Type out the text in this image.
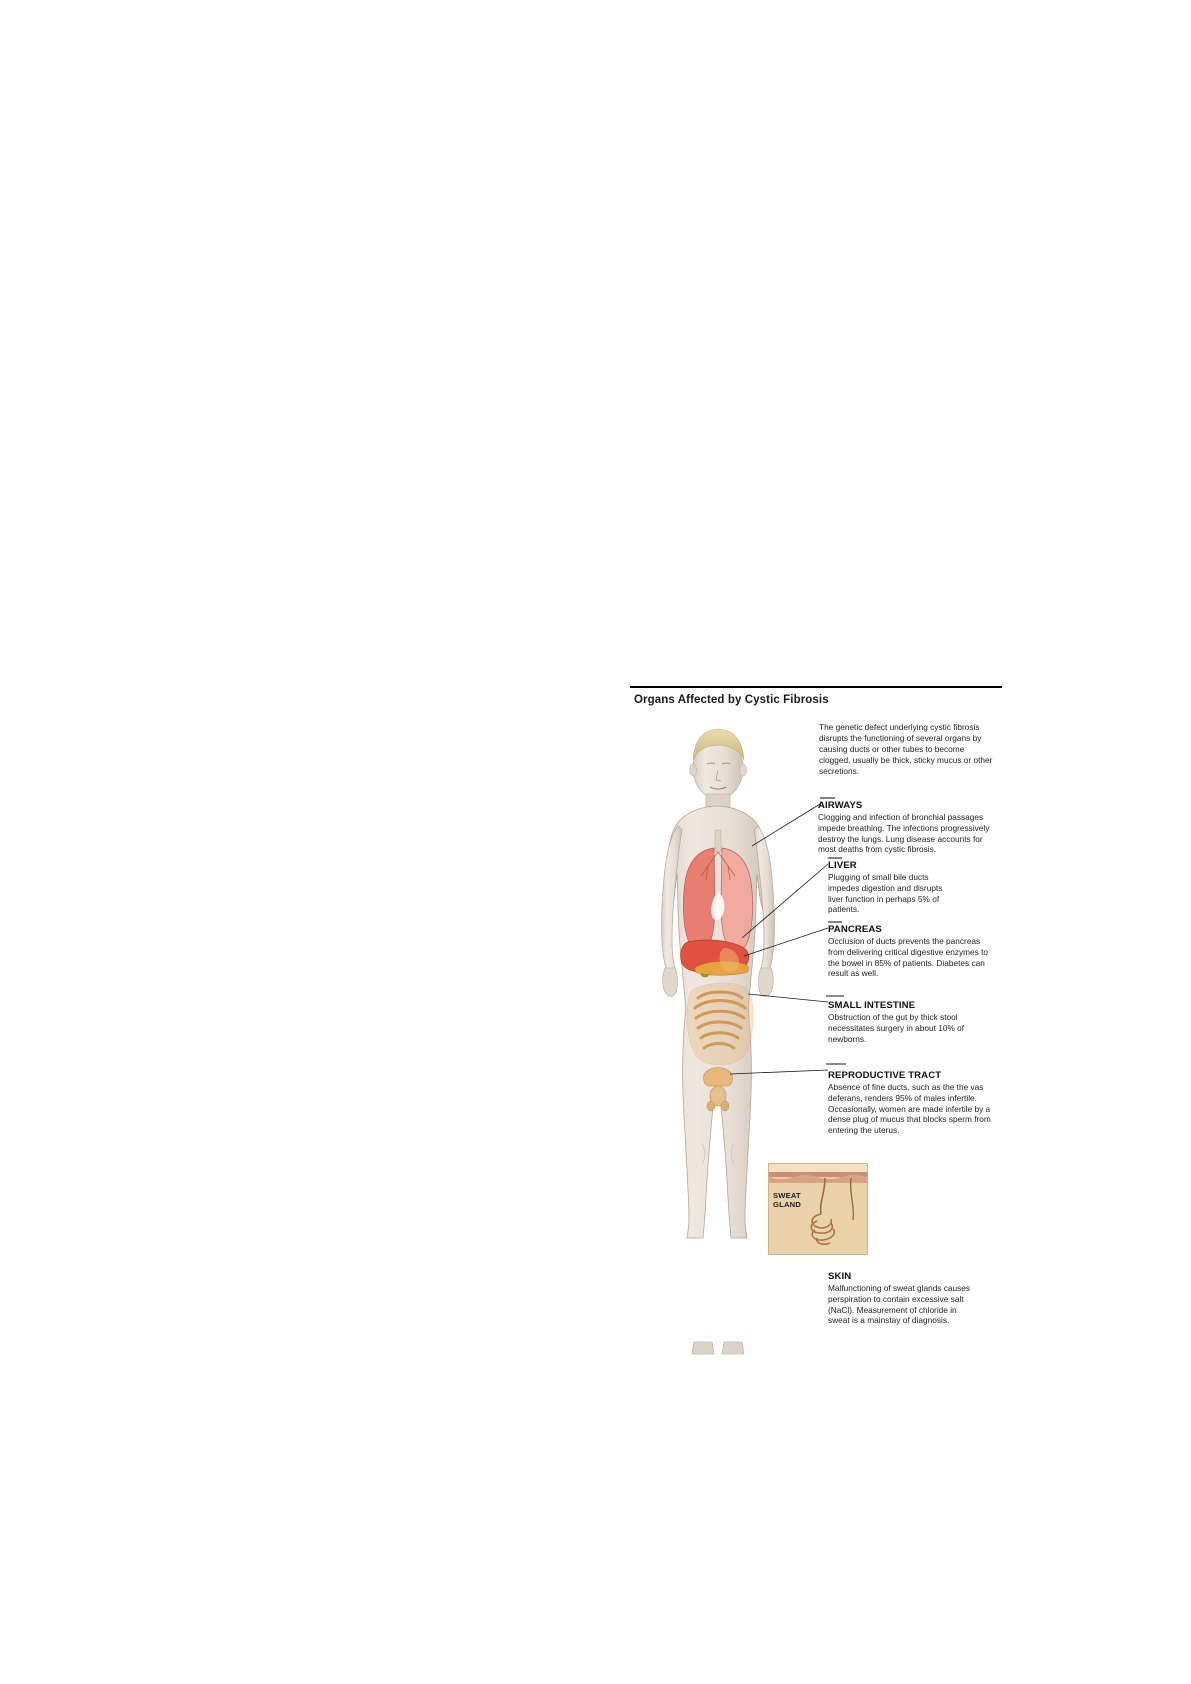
Organs Affected by Cystic Fibrosis
SWEAT
GLAND

The genetic defect underlying cystic fibrosis disrupts the functioning of several organs by causing ducts or other tubes to become clogged, usually be thick, sticky mucus or other secretions.

AIRWAYS

Clogging and infection of bronchial passages impede breathing. The infections progressively destroy the lungs. Lung disease accounts for most deaths from cystic fibrosis.

LIVER

Plugging of small bile ducts impedes digestion and disrupts liver function in perhaps 5% of patients.

PANCREAS

Occlusion of ducts prevents the pancreas from delivering critical digestive enzymes to the bowel in 85% of patients. Diabetes can result as well.

SMALL INTESTINE

Obstruction of the gut by thick stool necessitates surgery in about 10% of newborns.

REPRODUCTIVE TRACT

Absence of fine ducts, such as the the vas deferans, renders 95% of males infertile. Occasionally, women are made infertile by a dense plug of mucus that blocks sperm from entering the uterus.

SKIN

Malfunctioning of sweat glands causes perspiration to contain excessive salt (NaCl). Measurement of chloride in sweat is a mainstay of diagnosis.
